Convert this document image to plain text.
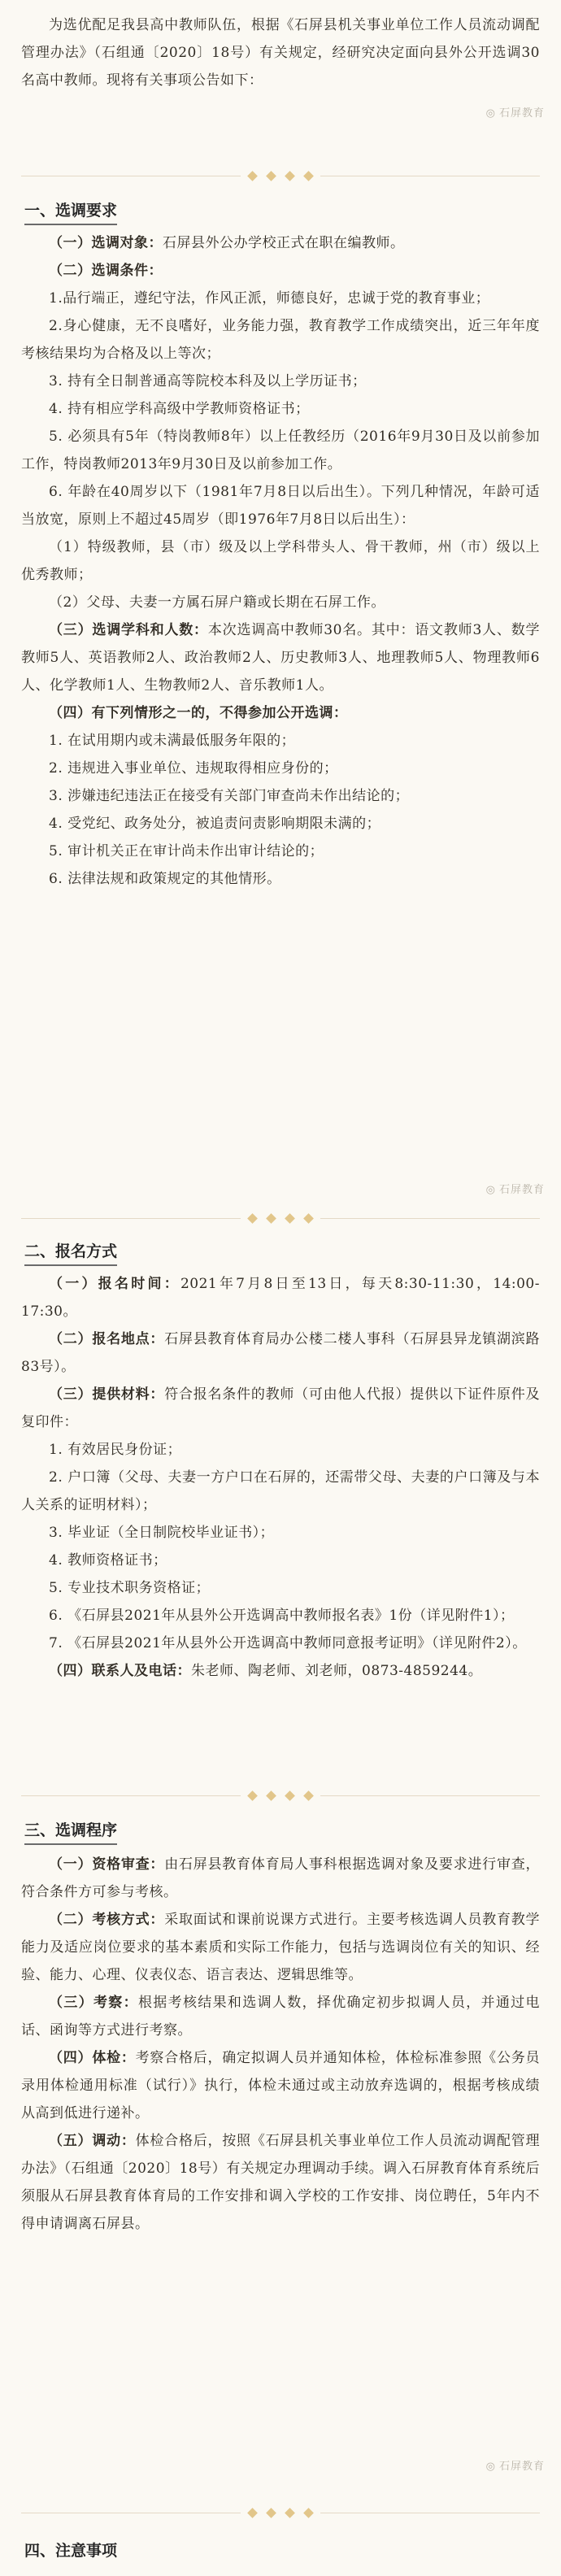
为选优配足我县高中教师队伍，根据《石屏县机关事业单位工作人员流动调配管理办法》（石组通〔2020〕18号）有关规定，经研究决定面向县外公开选调30名高中教师。现将有关事项公告如下：

◎ 石屏教育
一、选调要求

（一）选调对象：石屏县外公办学校正式在职在编教师。

（二）选调条件：

1.品行端正，遵纪守法，作风正派，师德良好，忠诚于党的教育事业；

2.身心健康，无不良嗜好，业务能力强，教育教学工作成绩突出，近三年年度考核结果均为合格及以上等次；

3. 持有全日制普通高等院校本科及以上学历证书；

4. 持有相应学科高级中学教师资格证书；

5. 必须具有5年（特岗教师8年）以上任教经历（2016年9月30日及以前参加工作，特岗教师2013年9月30日及以前参加工作。

6. 年龄在40周岁以下（1981年7月8日以后出生）。下列几种情况，年龄可适当放宽，原则上不超过45周岁（即1976年7月8日以后出生）：

（1）特级教师，县（市）级及以上学科带头人、骨干教师，州（市）级以上优秀教师；

（2）父母、夫妻一方属石屏户籍或长期在石屏工作。

（三）选调学科和人数：本次选调高中教师30名。其中：语文教师3人、数学教师5人、英语教师2人、政治教师2人、历史教师3人、地理教师5人、物理教师6人、化学教师1人、生物教师2人、音乐教师1人。

（四）有下列情形之一的，不得参加公开选调：

1. 在试用期内或未满最低服务年限的；

2. 违规进入事业单位、违规取得相应身份的；

3. 涉嫌违纪违法正在接受有关部门审查尚未作出结论的；

4. 受党纪、政务处分，被追责问责影响期限未满的；

5. 审计机关正在审计尚未作出审计结论的；

6. 法律法规和政策规定的其他情形。

◎ 石屏教育
二、报名方式

（一）报名时间：2021年7月8日至13日，每天8:30-11:30，14:00-17:30。

（二）报名地点：石屏县教育体育局办公楼二楼人事科（石屏县异龙镇湖滨路83号）。

（三）提供材料：符合报名条件的教师（可由他人代报）提供以下证件原件及复印件：

1. 有效居民身份证；

2. 户口簿（父母、夫妻一方户口在石屏的，还需带父母、夫妻的户口簿及与本人关系的证明材料）；

3. 毕业证（全日制院校毕业证书）；

4. 教师资格证书；

5. 专业技术职务资格证；

6. 《石屏县2021年从县外公开选调高中教师报名表》1份（详见附件1）；

7. 《石屏县2021年从县外公开选调高中教师同意报考证明》（详见附件2）。

（四）联系人及电话：朱老师、陶老师、刘老师，0873-4859244。

三、选调程序

（一）资格审查：由石屏县教育体育局人事科根据选调对象及要求进行审查，符合条件方可参与考核。

（二）考核方式：采取面试和课前说课方式进行。主要考核选调人员教育教学能力及适应岗位要求的基本素质和实际工作能力，包括与选调岗位有关的知识、经验、能力、心理、仪表仪态、语言表达、逻辑思维等。

（三）考察：根据考核结果和选调人数，择优确定初步拟调人员，并通过电话、函询等方式进行考察。

（四）体检：考察合格后，确定拟调人员并通知体检，体检标准参照《公务员录用体检通用标准（试行）》执行，体检未通过或主动放弃选调的，根据考核成绩从高到低进行递补。

（五）调动：体检合格后，按照《石屏县机关事业单位工作人员流动调配管理办法》（石组通〔2020〕18号）有关规定办理调动手续。调入石屏教育体育系统后须服从石屏县教育体育局的工作安排和调入学校的工作安排、岗位聘任，5年内不得申请调离石屏县。

◎ 石屏教育
四、注意事项
